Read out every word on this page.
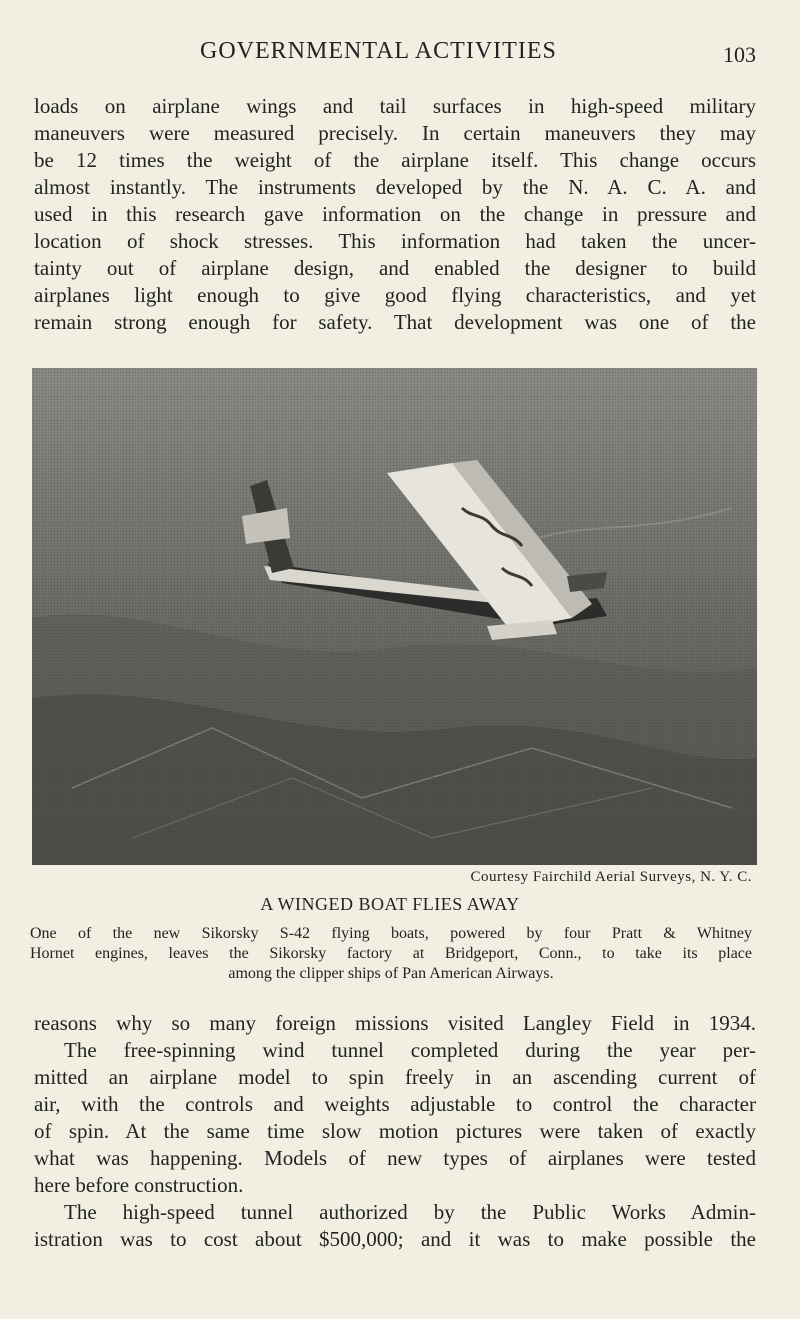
GOVERNMENTAL ACTIVITIES	103
loads on airplane wings and tail surfaces in high-speed military
maneuvers were measured precisely. In certain maneuvers they may
be 12 times the weight of the airplane itself. This change occurs
almost instantly. The instruments developed by the N. A. C. A. and
used in this research gave information on the change in pressure and
location of shock stresses. This information had taken the uncer-
tainty out of airplane design, and enabled the designer to build
airplanes light enough to give good flying characteristics, and yet
remain strong enough for safety. That development was one of the
Courtesy Fairchild Aerial Surveys, N. Y. C.
A WINGED BOAT FLIES AWAY
One of the new Sikorsky S-42 flying boats, powered by four Pratt & Whitney
Hornet engines, leaves the Sikorsky factory at Bridgeport, Conn., to take its place
among the clipper ships of Pan American Airways.
reasons why so many foreign missions visited Langley Field in 1934.
The free-spinning wind tunnel completed during the year per-
mitted an airplane model to spin freely in an ascending current of
air, with the controls and weights adjustable to control the character
of spin. At the same time slow motion pictures were taken of exactly
what was happening. Models of new types of airplanes were tested
here before construction.
The high-speed tunnel authorized by the Public Works Admin-
istration was to cost about $500,000; and it was to make possible the
